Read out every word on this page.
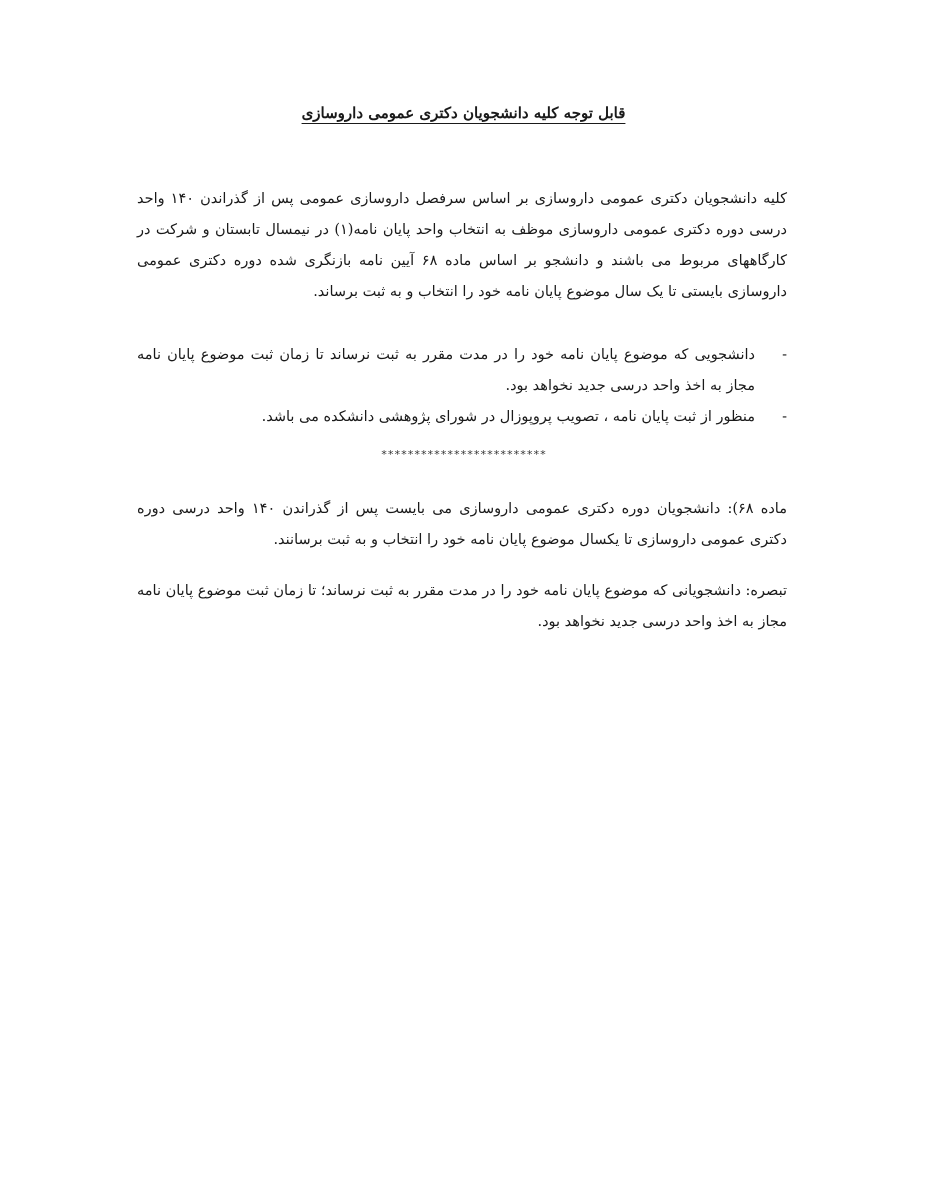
قابل توجه کلیه دانشجویان دکتری عمومی داروسازی

کلیه دانشجویان دکتری عمومی داروسازی بر اساس سرفصل داروسازی عمومی پس از گذراندن ۱۴۰ واحد درسی دوره دکتری عمومی داروسازی موظف به انتخاب واحد پایان نامه(۱) در نیمسال تابستان و شرکت در کارگاههای مربوط می باشند و دانشجو بر اساس ماده ۶۸ آیین نامه بازنگری شده دوره دکتری عمومی داروسازی بایستی تا یک سال موضوع پایان نامه خود را انتخاب و به ثبت برساند.

-
دانشجویی که موضوع پایان نامه خود را در مدت مقرر به ثبت نرساند تا زمان ثبت موضوع پایان نامه مجاز به اخذ واحد درسی جدید نخواهد بود.
-
منظور از ثبت پایان نامه ، تصویب پروپوزال در شورای پژوهشی دانشکده می باشد.
*************************

ماده ۶۸): دانشجویان دوره دکتری عمومی داروسازی می بایست پس از گذراندن ۱۴۰ واحد درسی دوره دکتری عمومی داروسازی تا یکسال موضوع پایان نامه خود را انتخاب و به ثبت برسانند.

تبصره: دانشجویانی که موضوع پایان نامه خود را در مدت مقرر به ثبت نرساند؛ تا زمان ثبت موضوع پایان نامه مجاز به اخذ واحد درسی جدید نخواهد بود.
